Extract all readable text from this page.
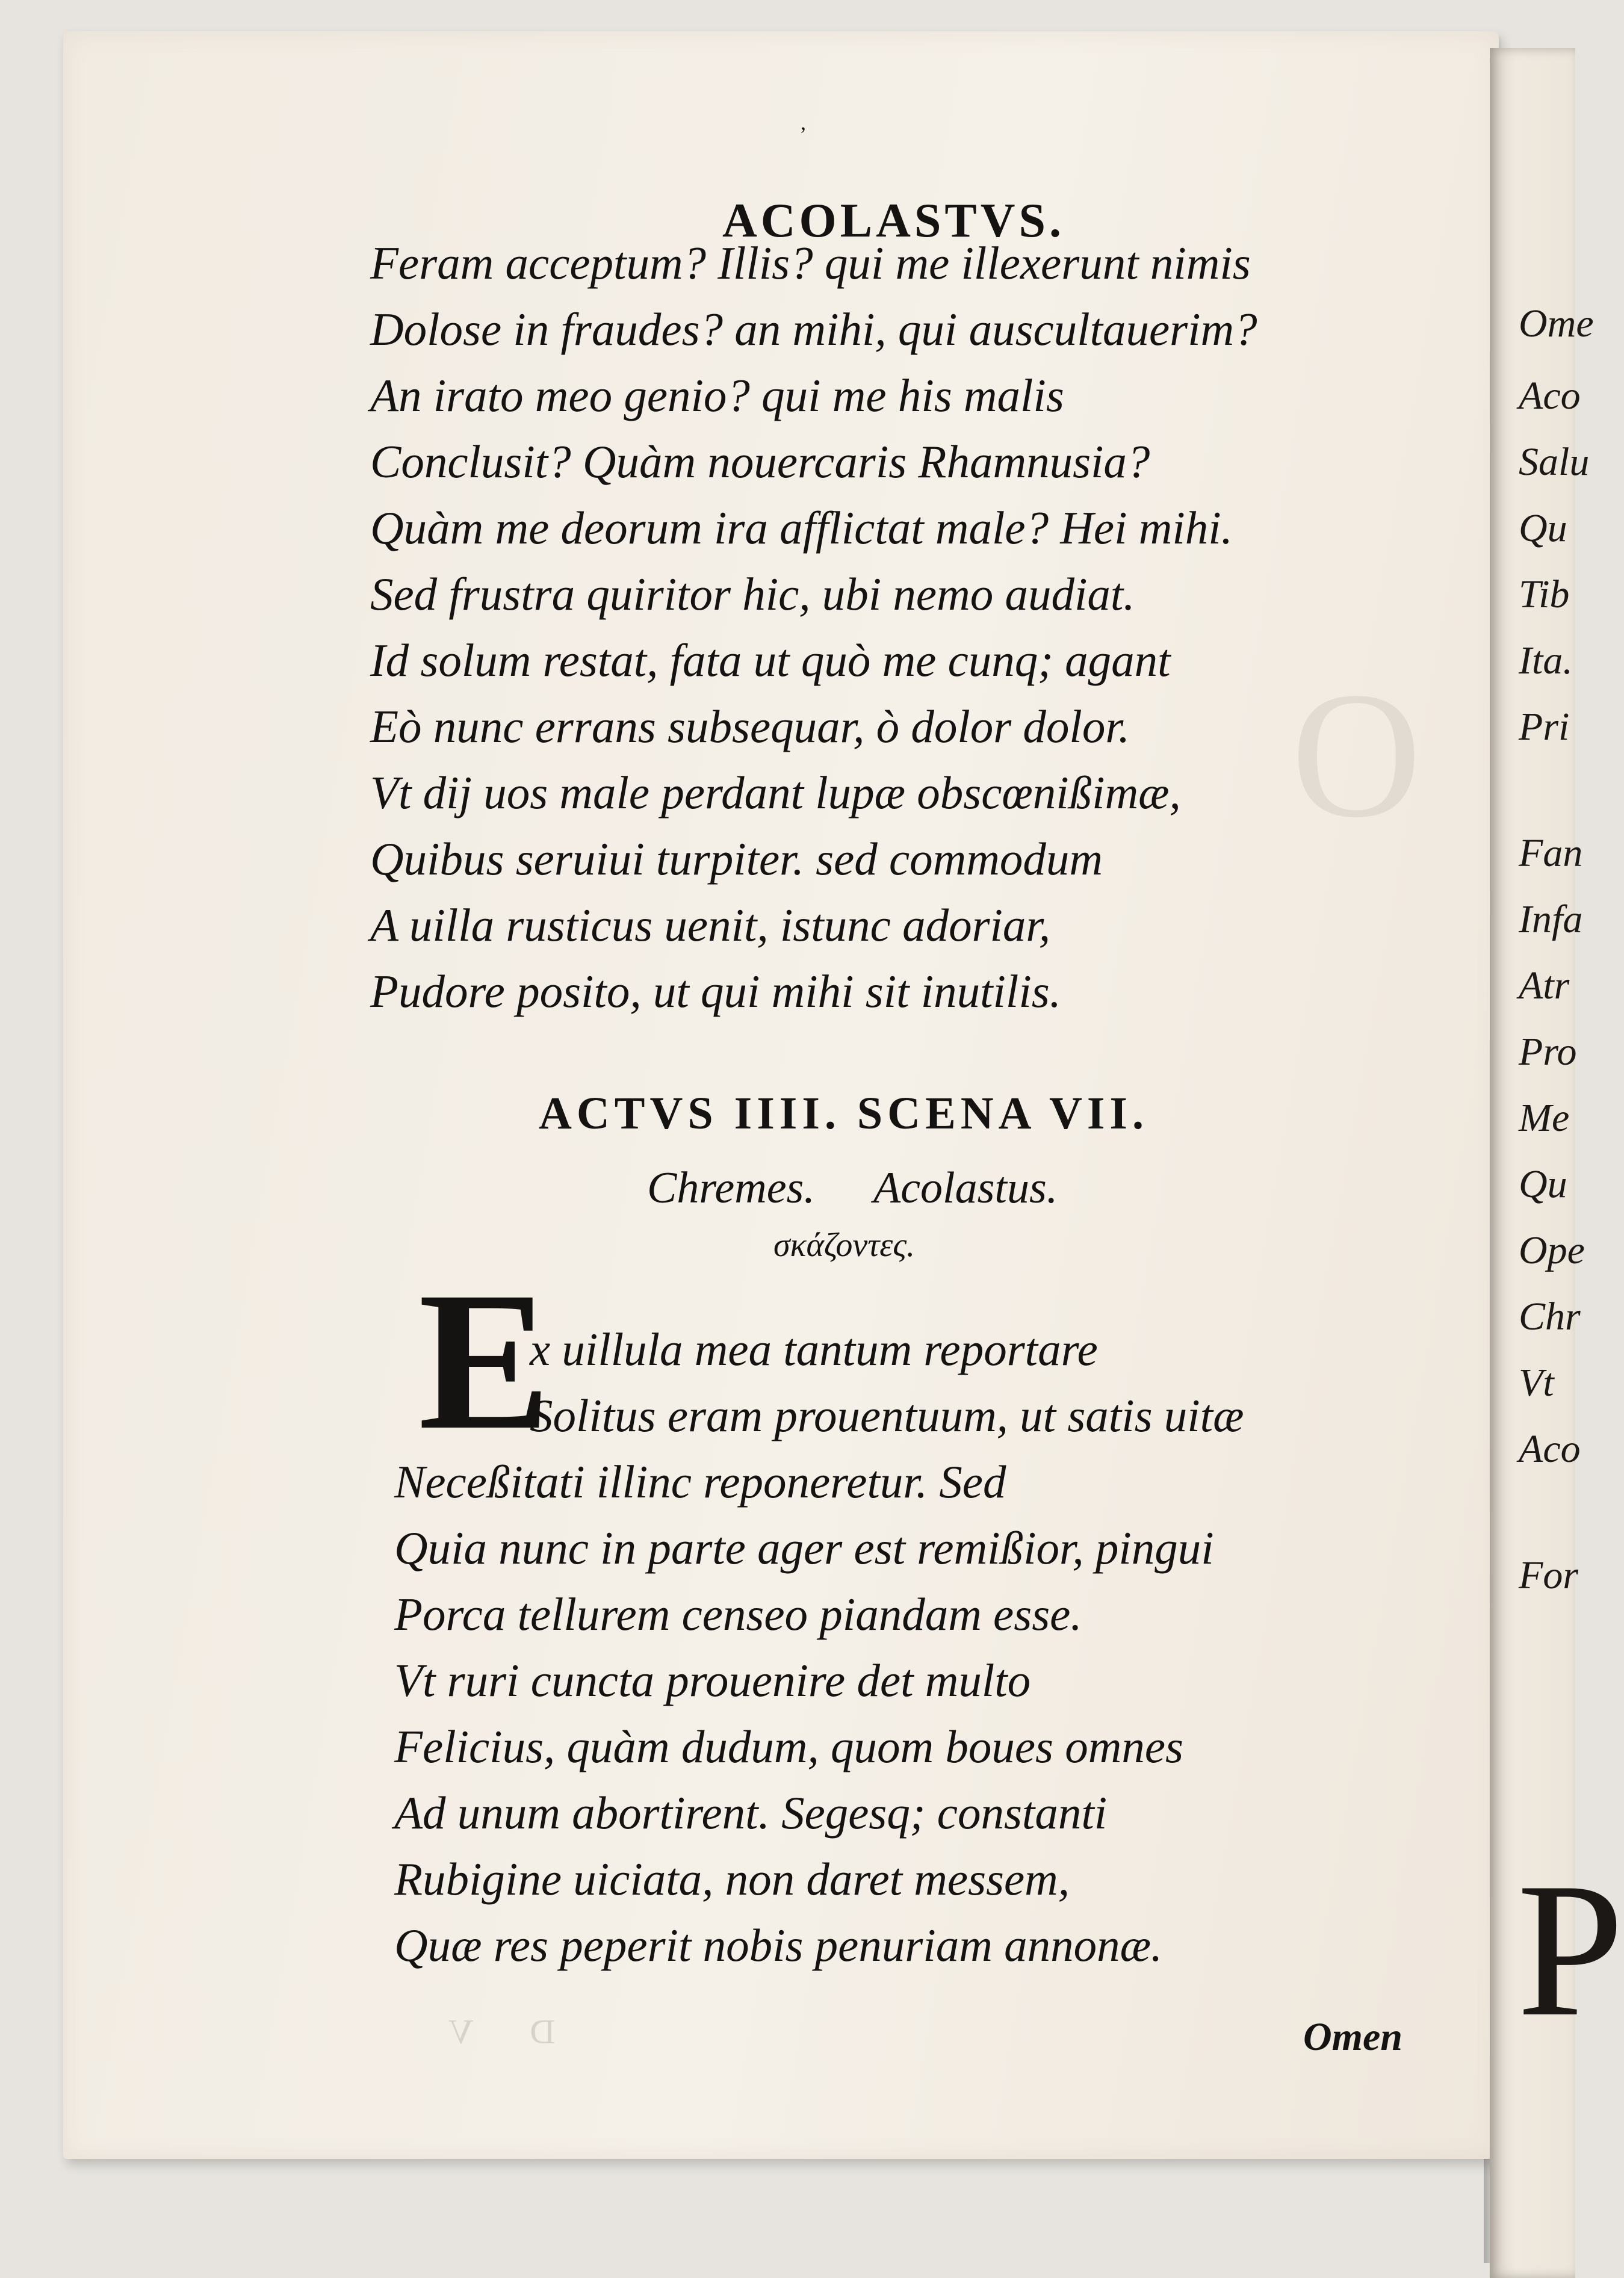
O
,
ACOLASTVS.
Feram acceptum? Illis? qui me illexerunt nimis
Dolose in fraudes? an mihi, qui auscultauerim?
An irato meo genio? qui me his malis
Conclusit? Quàm nouercaris Rhamnusia?
Quàm me deorum ira afflictat male? Hei mihi.
Sed frustra quiritor hic, ubi nemo audiat.
Id solum restat, fata ut quò me cunq; agant
Eò nunc errans subsequar, ò dolor dolor.
Vt dij uos male perdant lupæ obscœnißimæ,
Quibus seruiui turpiter. sed commodum
A uilla rusticus uenit, istunc adoriar,
Pudore posito, ut qui mihi sit inutilis.
ACTVS IIII. SCENA VII.
Chremes. Acolastus.
σκάζοντες.
E
x uillula mea tantum reportare
Solitus eram prouentuum, ut satis uitæ
Neceßitati illinc reponeretur. Sed
Quia nunc in parte ager est remißior, pingui
Porca tellurem censeo piandam esse.
Vt ruri cuncta prouenire det multo
Felicius, quàm dudum, quom boues omnes
Ad unum abortirent. Segesq; constanti
Rubigine uiciata, non daret messem,
Quæ res peperit nobis penuriam annonæ.
D V	Omen
Ome
Aco
Salu
Qu
Tib
Ita.
Pri
Fan
Infa
Atr
Pro
Me
Qu
Ope
Chr
Vt
Aco
For
P
